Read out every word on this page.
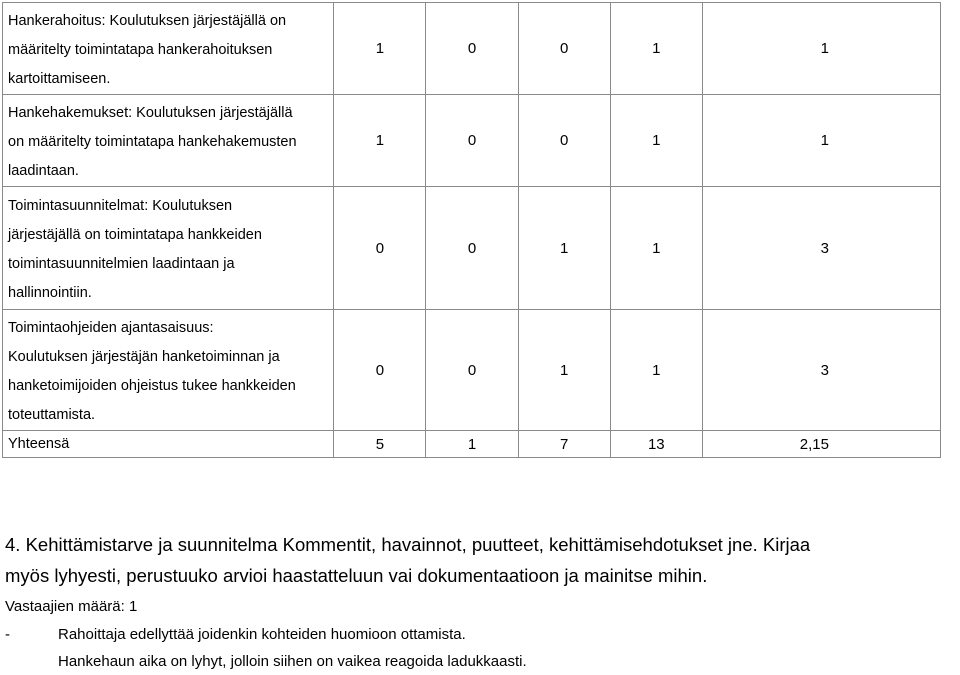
Hankerahoitus: Koulutuksen järjestäjällä on
määritelty toimintatapa hankerahoituksen
kartoittamiseen.	1	0	0	1	1

Hankehakemukset: Koulutuksen järjestäjällä
on määritelty toimintatapa hankehakemusten
laadintaan.	1	0	0	1	1

Toimintasuunnitelmat: Koulutuksen
järjestäjällä on toimintatapa hankkeiden
toimintasuunnitelmien laadintaan ja
hallinnointiin.	0	0	1	1	3

Toimintaohjeiden ajantasaisuus:
Koulutuksen järjestäjän hanketoiminnan ja
hanketoimijoiden ohjeistus tukee hankkeiden
toteuttamista.	0	0	1	1	3
Yhteensä	5	1	7	13	2,15
4. Kehittämistarve ja suunnitelma Kommentit, havainnot, puutteet, kehittämisehdotukset jne. Kirjaa
myös lyhyesti, perustuuko arvioi haastatteluun vai dokumentaatioon ja mainitse mihin.
Vastaajien määrä: 1
-	Rahoittaja edellyttää joidenkin kohteiden huomioon ottamista.
Hankehaun aika on lyhyt, jolloin siihen on vaikea reagoida ladukkaasti.
